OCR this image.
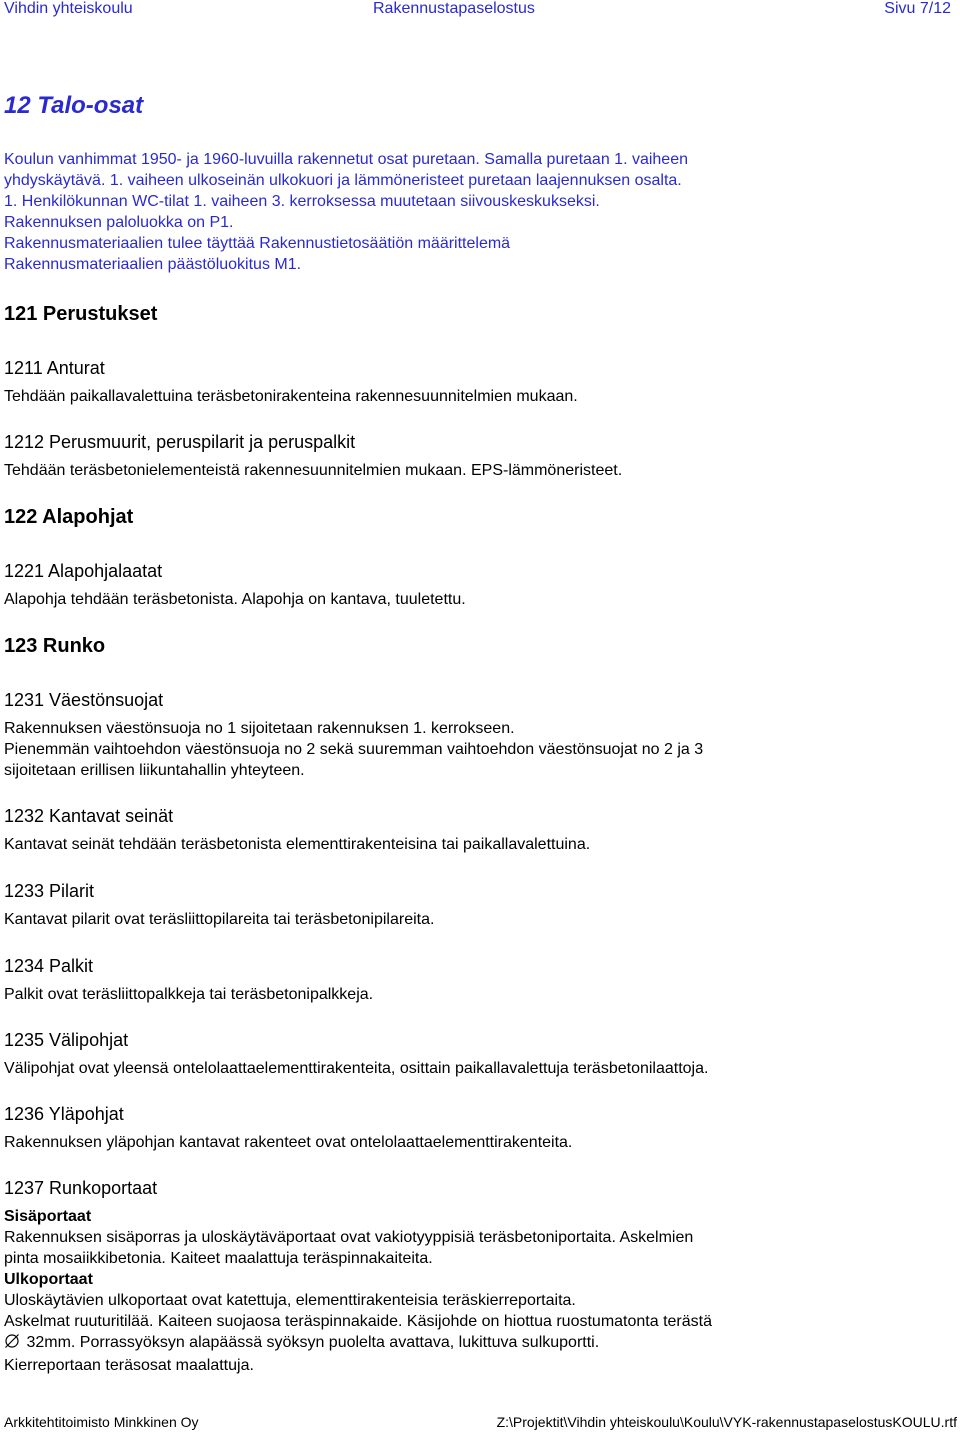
Vihdin yhteiskoulu	Rakennustapaselostus	Sivu 7/12
12 Talo-osat
Koulun vanhimmat 1950- ja 1960-luvuilla rakennetut osat puretaan. Samalla puretaan 1. vaiheen
yhdyskäytävä. 1. vaiheen ulkoseinän ulkokuori ja lämmöneristeet puretaan laajennuksen osalta.
1. Henkilökunnan WC-tilat 1. vaiheen 3. kerroksessa muutetaan siivouskeskukseksi.
Rakennuksen paloluokka on P1.
Rakennusmateriaalien tulee täyttää Rakennustietosäätiön määrittelemä
Rakennusmateriaalien päästöluokitus M1.
121 Perustukset
1211 Anturat

Tehdään paikallavalettuina teräsbetonirakenteina rakennesuunnitelmien mukaan.

1212 Perusmuurit, peruspilarit ja peruspalkit

Tehdään teräsbetonielementeistä rakennesuunnitelmien mukaan. EPS-lämmöneristeet.

122 Alapohjat
1221 Alapohjalaatat

Alapohja tehdään teräsbetonista. Alapohja on kantava, tuuletettu.

123 Runko
1231 Väestönsuojat
Rakennuksen väestönsuoja no 1 sijoitetaan rakennuksen 1. kerrokseen.
Pienemmän vaihtoehdon väestönsuoja no 2 sekä suuremman vaihtoehdon väestönsuojat no 2 ja 3
sijoitetaan erillisen liikuntahallin yhteyteen.
1232 Kantavat seinät

Kantavat seinät tehdään teräsbetonista elementtirakenteisina tai paikallavalettuina.

1233 Pilarit

Kantavat pilarit ovat teräsliittopilareita tai teräsbetonipilareita.

1234 Palkit

Palkit ovat teräsliittopalkkeja tai teräsbetonipalkkeja.

1235 Välipohjat

Välipohjat ovat yleensä ontelolaattaelementtirakenteita, osittain paikallavalettuja teräsbetonilaattoja.

1236 Yläpohjat

Rakennuksen yläpohjan kantavat rakenteet ovat ontelolaattaelementtirakenteita.

1237 Runkoportaat
Sisäportaat
Rakennuksen sisäporras ja uloskäytäväportaat ovat vakiotyyppisiä teräsbetoniportaita. Askelmien
pinta mosaiikkibetonia. Kaiteet maalattuja teräspinnakaiteita.
Ulkoportaat
Uloskäytävien ulkoportaat ovat katettuja, elementtirakenteisia teräskierreportaita.
Askelmat ruuturitilää. Kaiteen suojaosa teräspinnakaide. Käsijohde on hiottua ruostumatonta terästä
32mm. Porrassyöksyn alapäässä syöksyn puolelta avattava, lukittuva sulkuportti.
Kierreportaan teräsosat maalattuja.
Arkkitehtitoimisto Minkkinen Oy	Z:\Projektit\Vihdin yhteiskoulu\Koulu\VYK-rakennustapaselostusKOULU.rtf
